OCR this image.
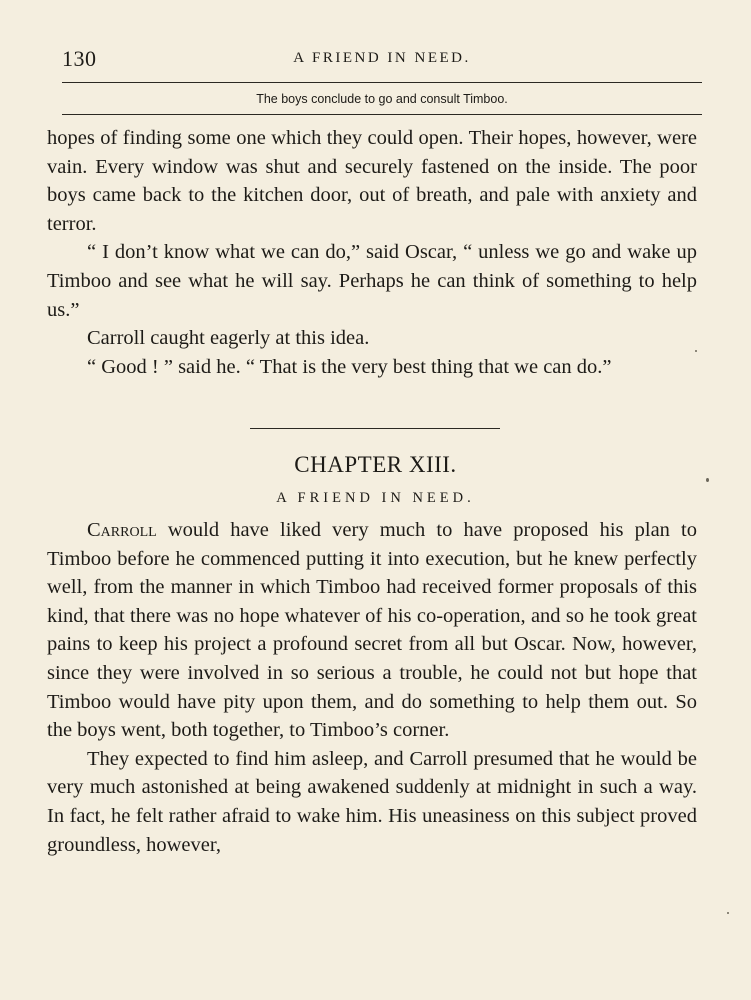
130	A FRIEND IN NEED.
The boys conclude to go and consult Timboo.

hopes of finding some one which they could open. Their hopes, however, were vain. Every window was shut and securely fastened on the inside. The poor boys came back to the kitchen door, out of breath, and pale with anxiety and terror.

“ I don’t know what we can do,” said Oscar, “ unless we go and wake up Timboo and see what he will say. Perhaps he can think of something to help us.”

Carroll caught eagerly at this idea.

“ Good ! ” said he. “ That is the very best thing that we can do.”

CHAPTER XIII.
A FRIEND IN NEED.

Carroll would have liked very much to have proposed his plan to Timboo before he commenced putting it into execution, but he knew perfectly well, from the manner in which Timboo had received former proposals of this kind, that there was no hope whatever of his co-operation, and so he took great pains to keep his project a profound secret from all but Oscar. Now, however, since they were involved in so serious a trouble, he could not but hope that Timboo would have pity upon them, and do something to help them out. So the boys went, both together, to Timboo’s corner.

They expected to find him asleep, and Carroll presumed that he would be very much astonished at being awakened suddenly at midnight in such a way. In fact, he felt rather afraid to wake him. His uneasiness on this subject proved groundless, however,
